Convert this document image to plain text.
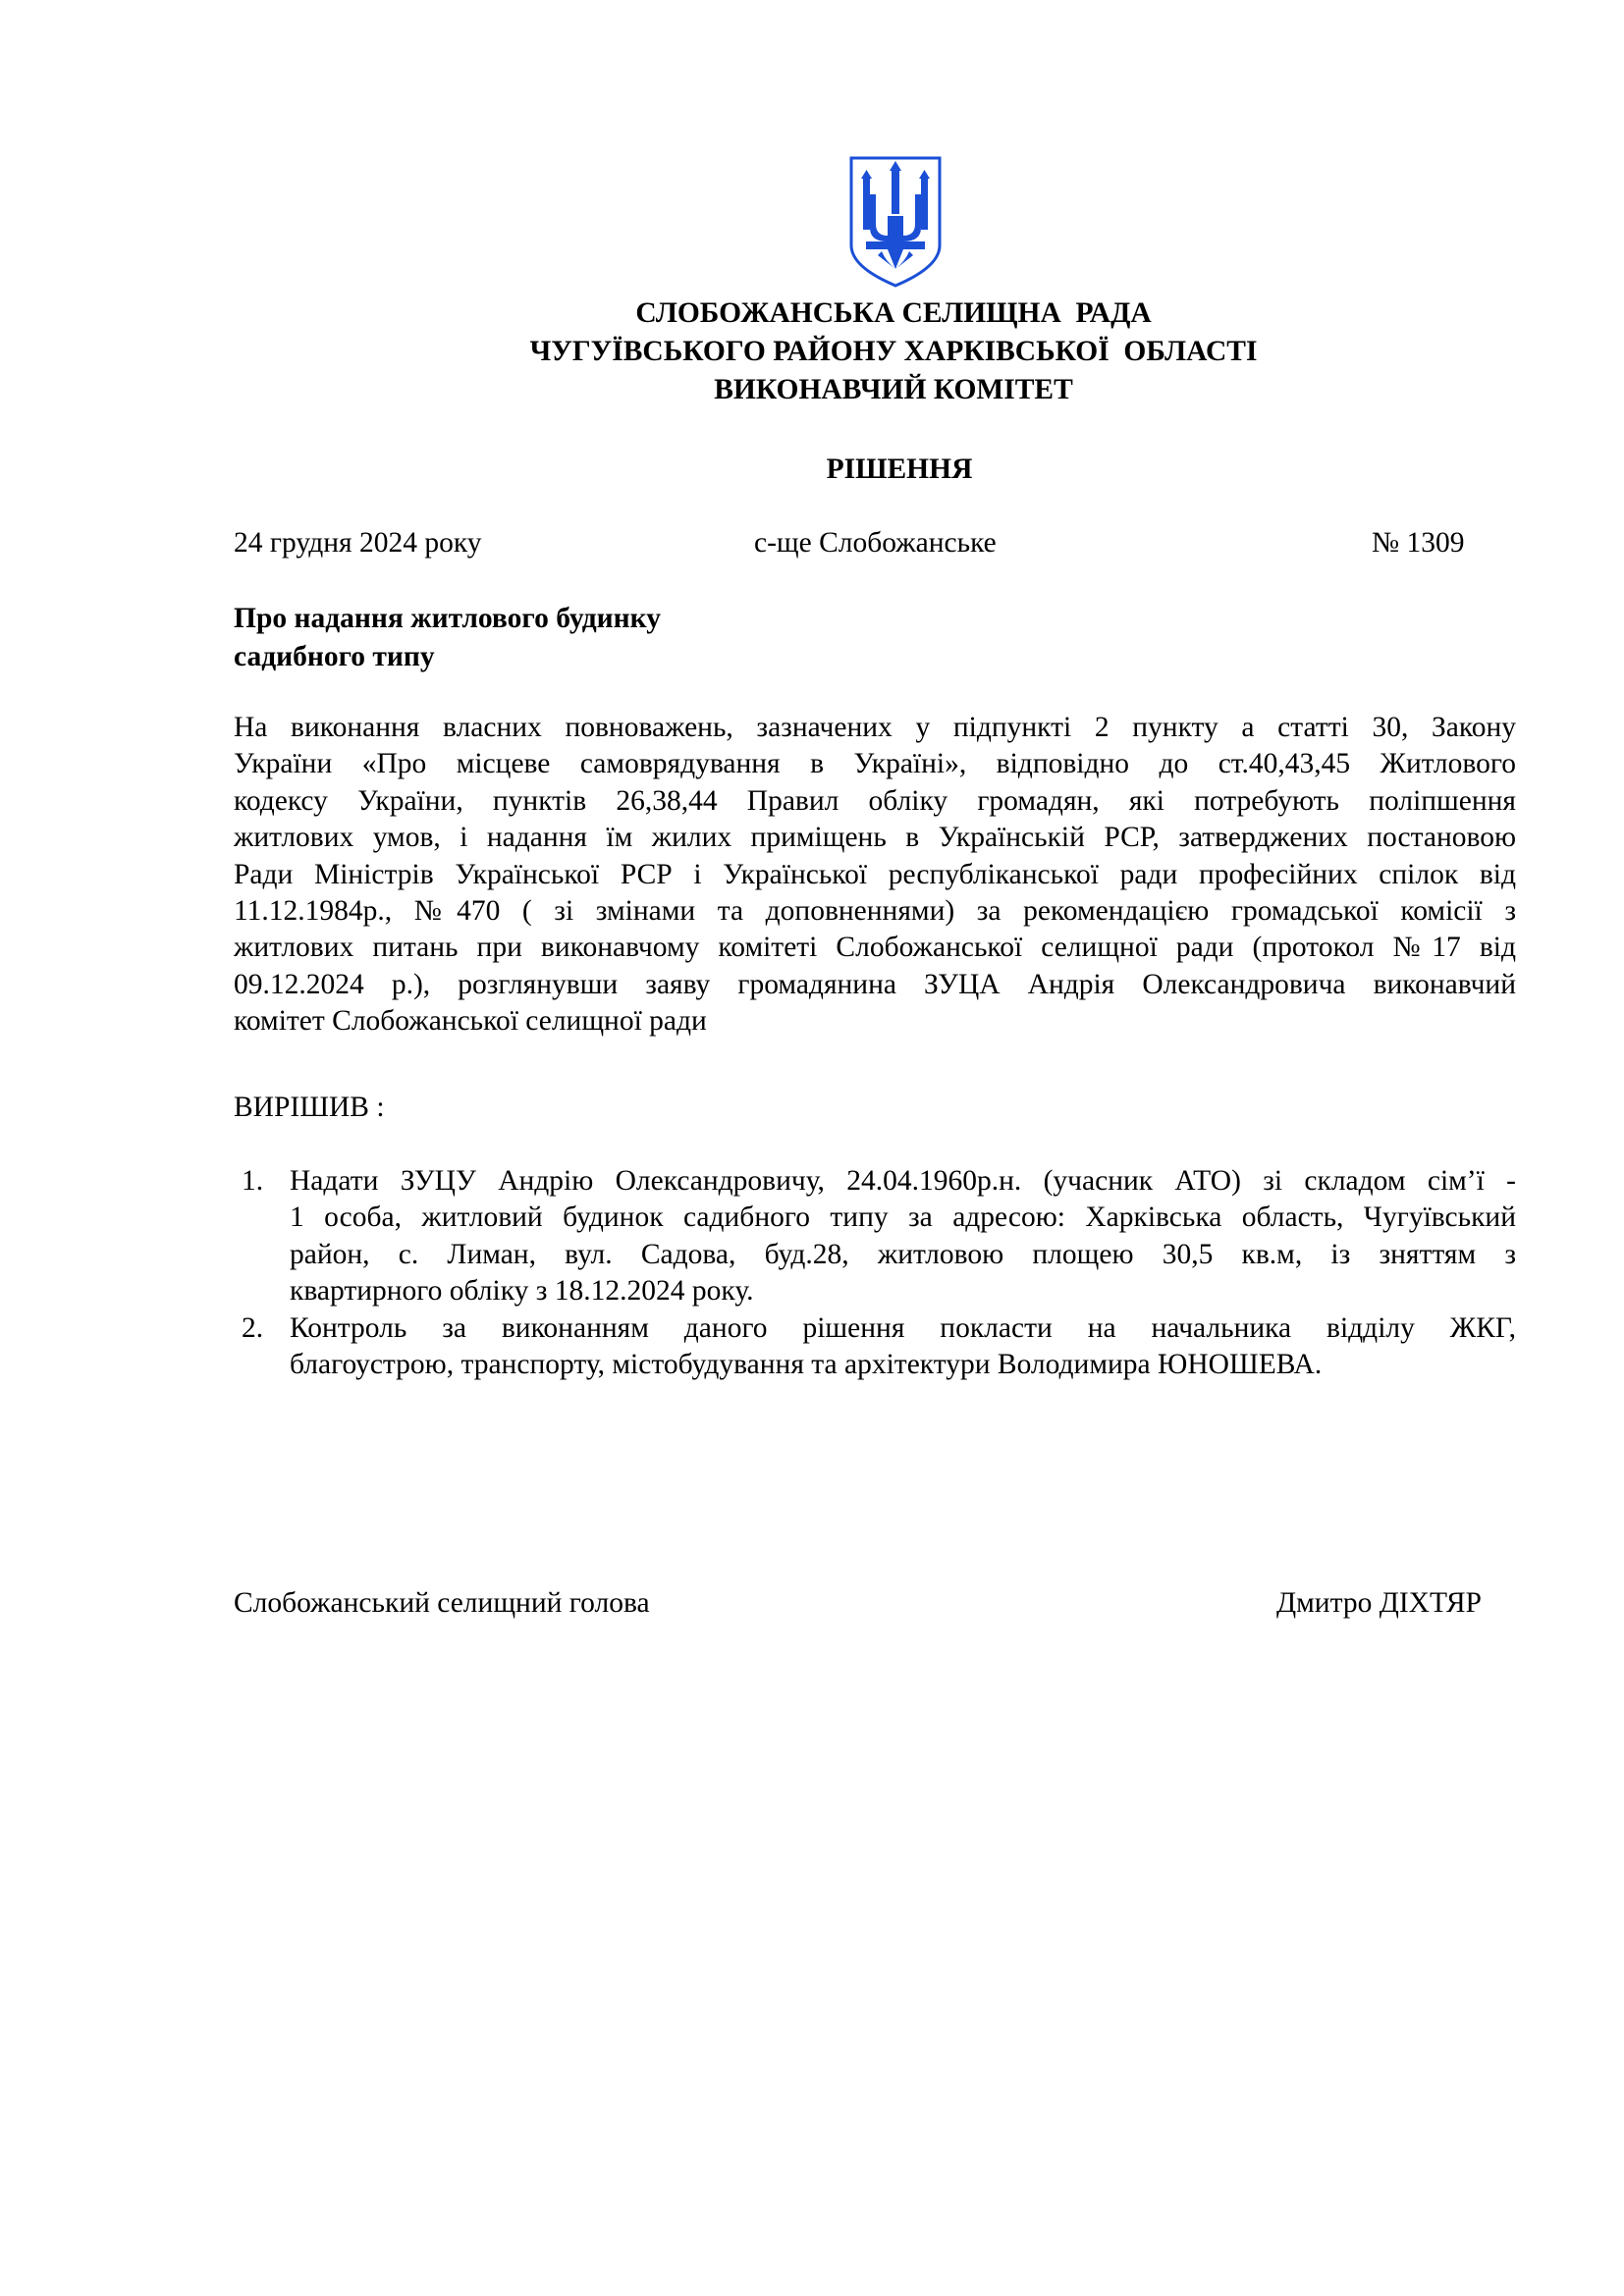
СЛОБОЖАНСЬКА СЕЛИЩНА  РАДА
ЧУГУЇВСЬКОГО РАЙОНУ ХАРКІВСЬКОЇ  ОБЛАСТІ
ВИКОНАВЧИЙ КОМІТЕТ
РІШЕННЯ
24 грудня 2024 року	с-ще Слобожанське	№ 1309
Про надання житлового будинку
садибного типу
На виконання власних повноважень, зазначених у підпункті 2 пункту а статті 30, Закону
України «Про місцеве самоврядування в Україні», відповідно до ст.40,43,45 Житлового
кодексу України, пунктів 26,38,44 Правил обліку громадян, які потребують поліпшення
житлових умов, і надання їм жилих приміщень в Українській РСР, затверджених постановою
Ради Міністрів Української РСР і Української республіканської ради професійних спілок від
11.12.1984р., №470 ( зі змінами та доповненнями) за рекомендацією громадської комісії з
житлових питань при виконавчому комітеті Слобожанської селищної ради (протокол №17 від
09.12.2024 р.), розглянувши заяву громадянина ЗУЦА Андрія Олександровича виконавчий
комітет Слобожанської селищної ради
ВИРІШИВ :
1. Надати ЗУЦУ Андрію Олександровичу, 24.04.1960р.н. (учасник АТО) зі складом сім’ї -
1 особа, житловий будинок садибного типу за адресою: Харківська область, Чугуївський
район, с. Лиман, вул. Садова, буд.28, житловою площею 30,5 кв.м, із зняттям з
квартирного обліку з 18.12.2024 року.
2. Контроль за виконанням даного рішення покласти на начальника відділу ЖКГ,
благоустрою, транспорту, містобудування та архітектури Володимира ЮНОШЕВА.
Слобожанський селищний голова	Дмитро ДІХТЯР
